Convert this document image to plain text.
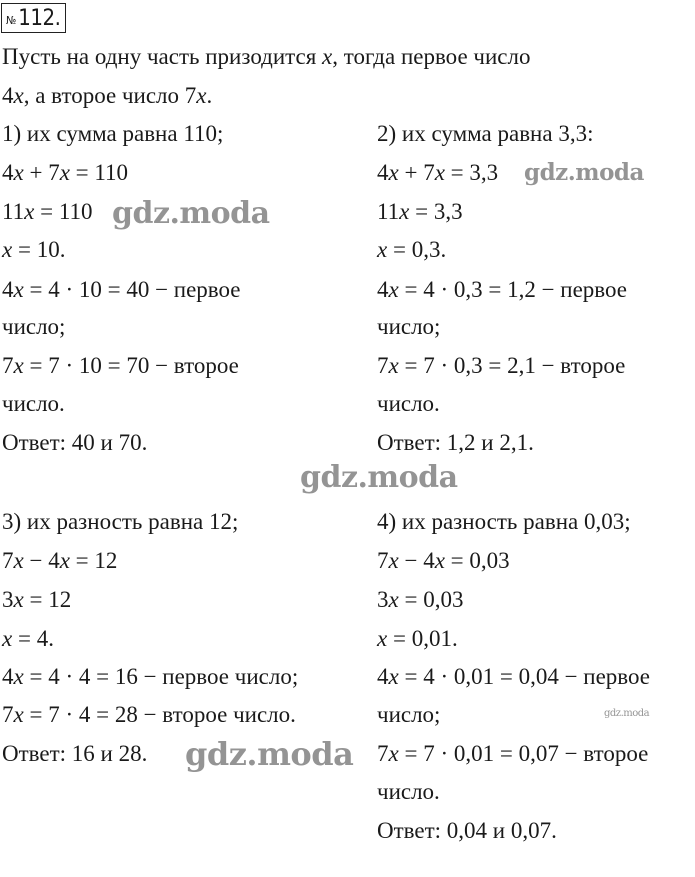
№ 112.
Пусть на одну часть призодится x, тогда первое число
4x, а второе число 7x.
1) их сумма равна 110;
4x + 7x = 110
11x = 110
x = 10.
4x = 4 · 10 = 40 − первое
число;
7x = 7 · 10 = 70 − второе
число.
Ответ: 40 и 70.
2) их сумма равна 3,3:
4x + 7x = 3,3
11x = 3,3
x = 0,3.
4x = 4 · 0,3 = 1,2 − первое
число;
7x = 7 · 0,3 = 2,1 − второе
число.
Ответ: 1,2 и 2,1.
3) их разность равна 12;
7x − 4x = 12
3x = 12
x = 4.
4x = 4 · 4 = 16 − первое число;
7x = 7 · 4 = 28 − второе число.
Ответ: 16 и 28.
4) их разность равна 0,03;
7x − 4x = 0,03
3x = 0,03
x = 0,01.
4x = 4 · 0,01 = 0,04 − первое
число;
7x = 7 · 0,01 = 0,07 − второе
число.
Ответ: 0,04 и 0,07.
gdz.moda
gdz.moda
gdz.moda
gdz.moda
gdz.moda
